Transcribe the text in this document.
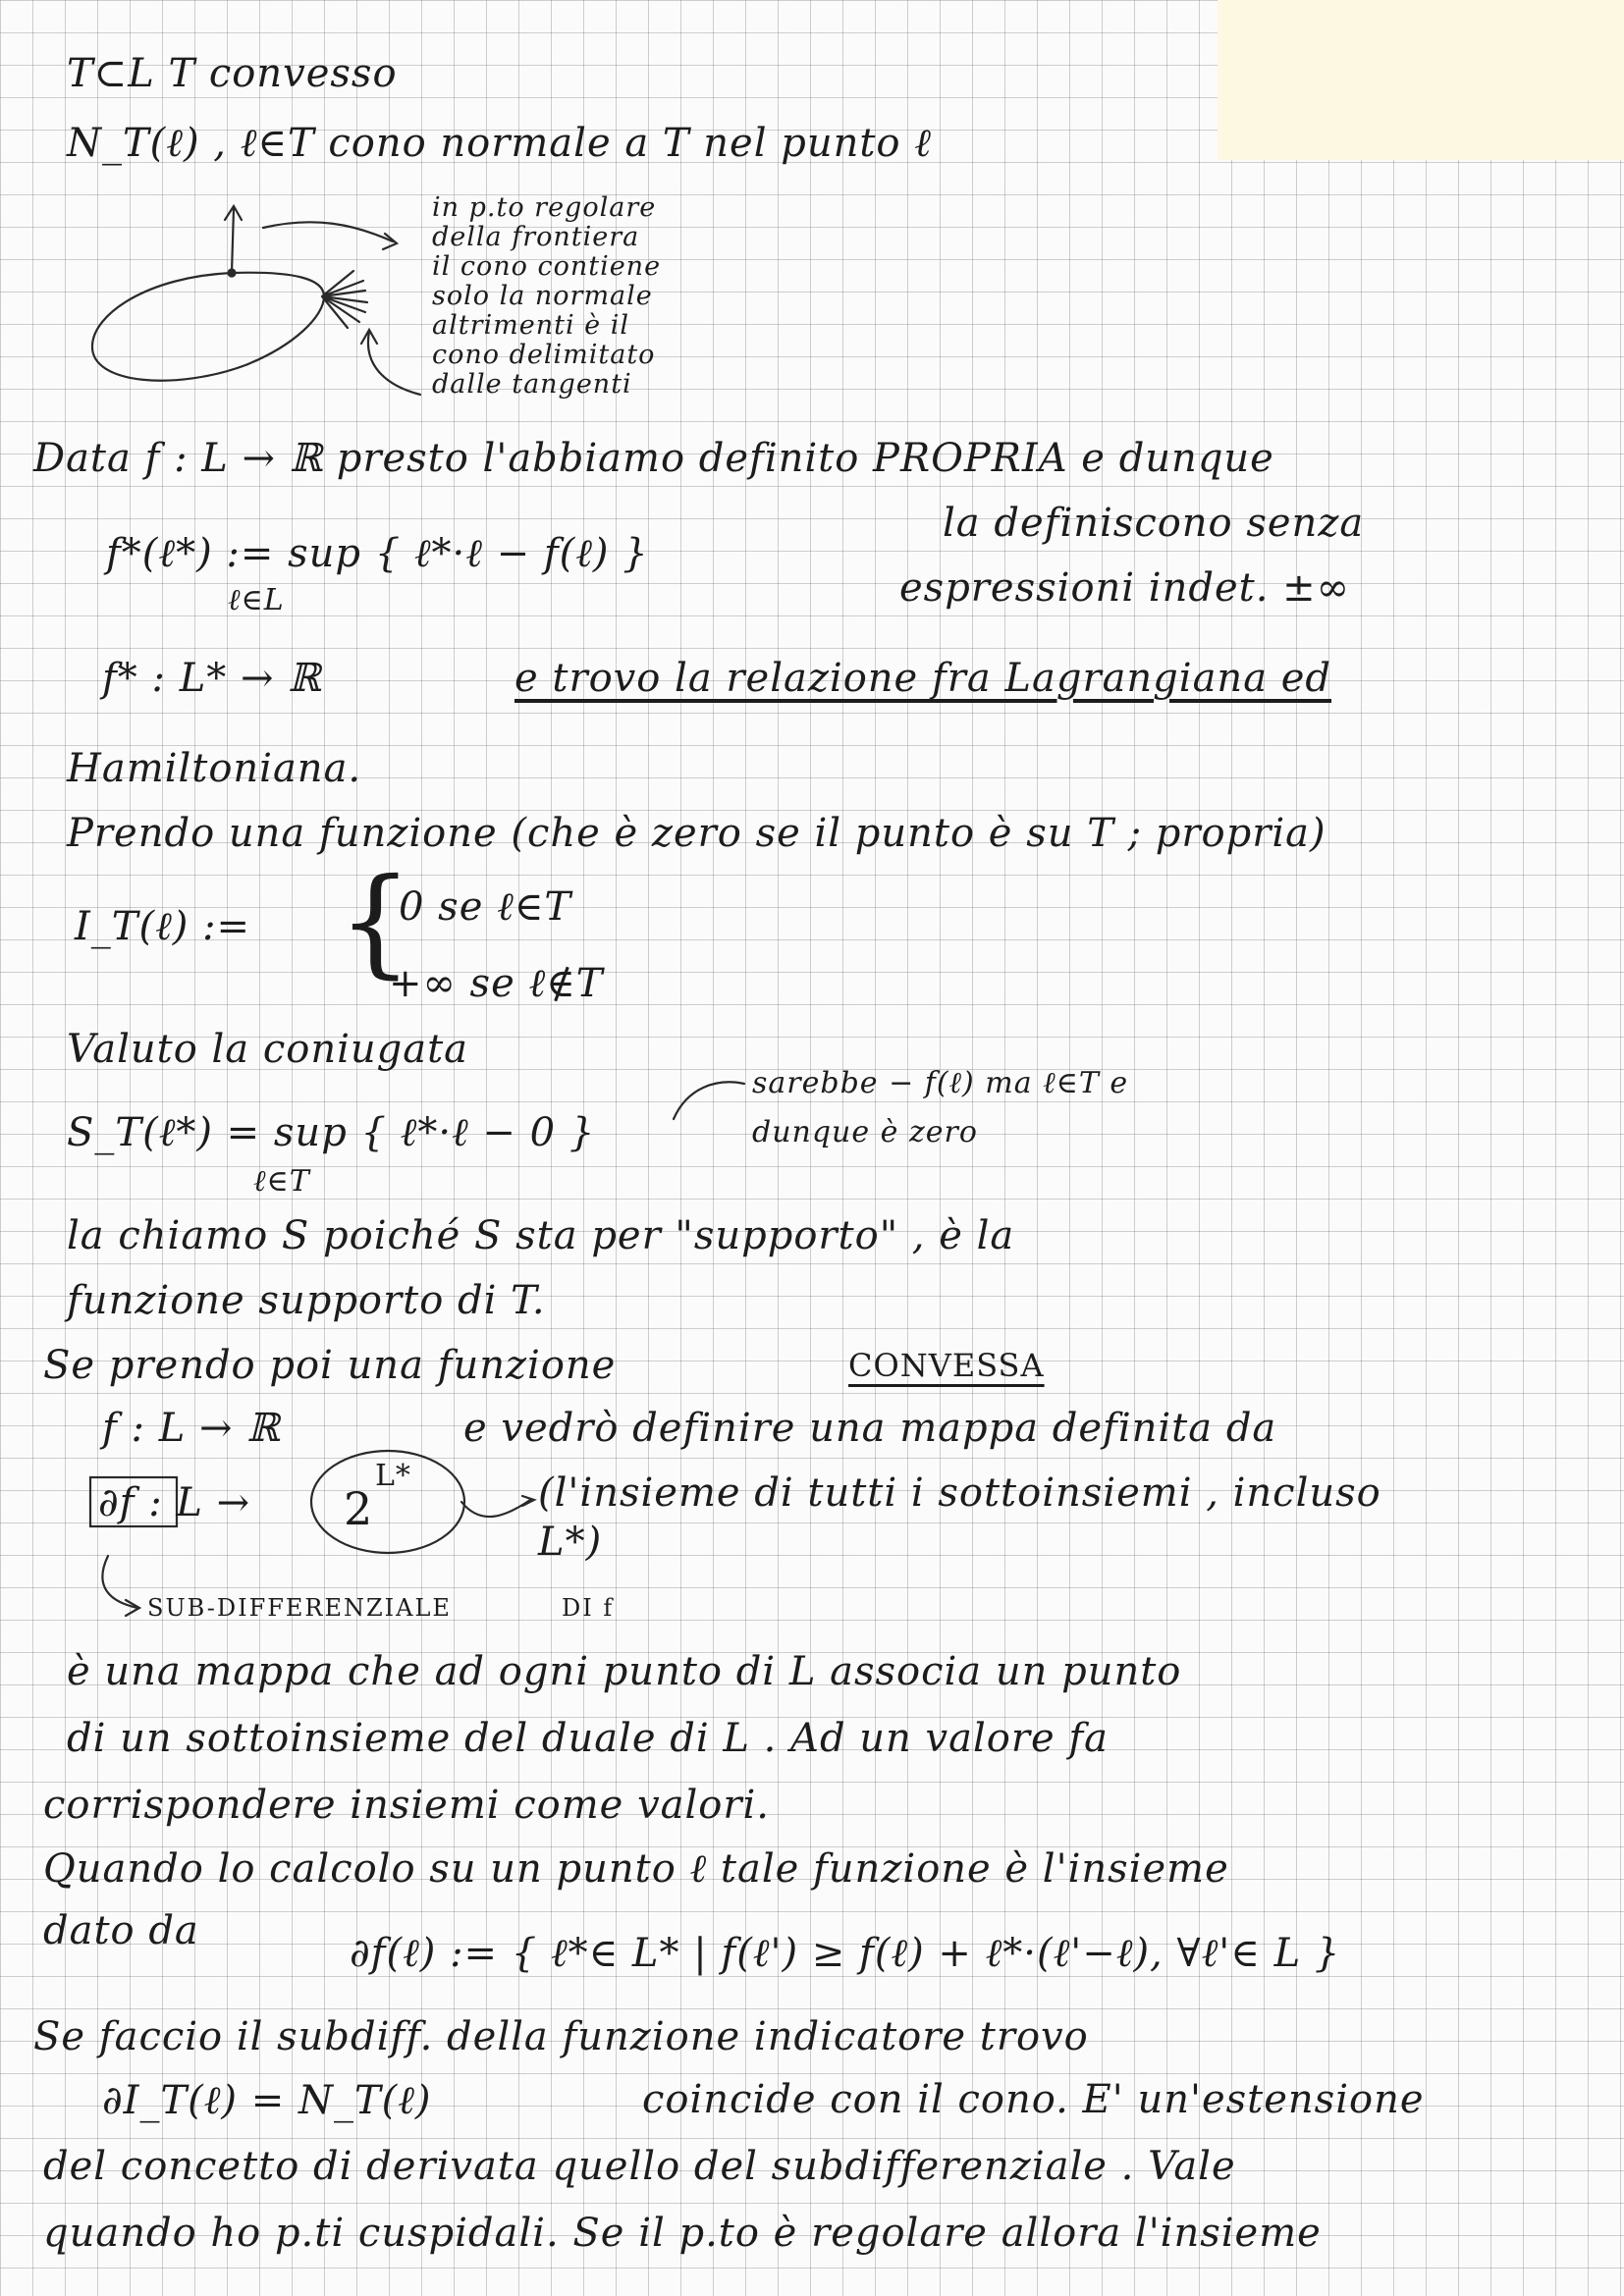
T⊂L T convesso
N_T(ℓ) , ℓ∈T cono normale a T nel punto ℓ
in p.to regolare
della frontiera
il cono contiene
solo la normale
altrimenti è il
cono delimitato
dalle tangenti
Data f : L → ℝ presto l'abbiamo definito PROPRIA e dunque
f*(ℓ*) := sup { ℓ*·ℓ − f(ℓ) }
ℓ∈L
la definiscono senza
espressioni indet. ±∞
f* : L* → ℝ	e trovo la relazione fra Lagrangiana ed
Hamiltoniana.
Prendo una funzione (che è zero se il punto è su T ; propria)
I_T(ℓ) := {
0 se ℓ∈T
+∞ se ℓ∉T
Valuto la coniugata
S_T(ℓ*) = sup { ℓ*·ℓ − 0 }
ℓ∈T
sarebbe − f(ℓ) ma ℓ∈T e
dunque è zero
la chiamo S poiché S sta per "supporto" , è la
funzione supporto di T.
Se prendo poi una funzione	CONVESSA
f : L → ℝ	e vedrò definire una mappa definita da
∂f : L → 2
L*	(l'insieme di tutti i sottoinsiemi , incluso
L*)
SUB-DIFFERENZIALE	DI f
è una mappa che ad ogni punto di L associa un punto
di un sottoinsieme del duale di L . Ad un valore fa
corrispondere insiemi come valori.
Quando lo calcolo su un punto ℓ tale funzione è l'insieme
dato da	∂f(ℓ) := { ℓ*∈ L* | f(ℓ') ≥ f(ℓ) + ℓ*·(ℓ'−ℓ), ∀ℓ'∈ L }
Se faccio il subdiff. della funzione indicatore trovo
∂I_T(ℓ) = N_T(ℓ)	coincide con il cono. E' un'estensione
del concetto di derivata quello del subdifferenziale . Vale
quando ho p.ti cuspidali. Se il p.to è regolare allora l'insieme
